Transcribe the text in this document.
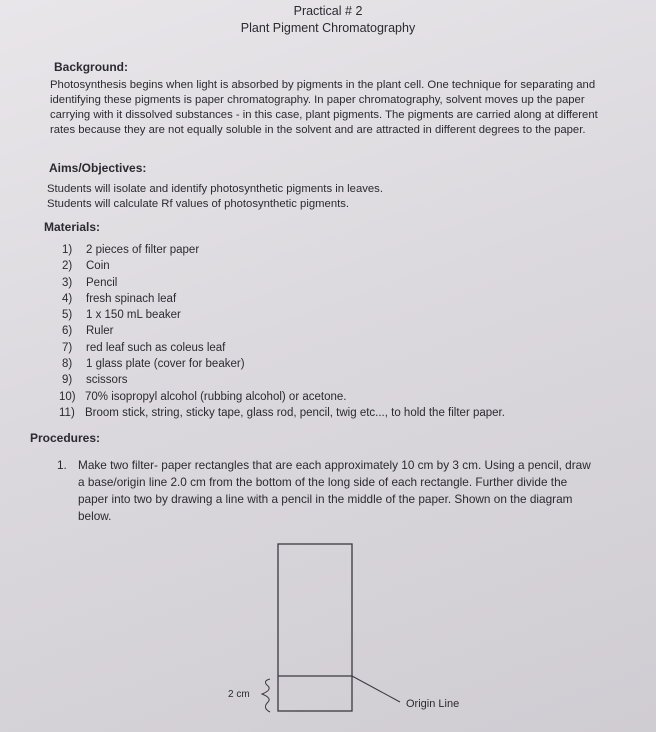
Practical # 2
Plant Pigment Chromatography
Background:
Photosynthesis begins when light is absorbed by pigments in the plant cell. One technique for separating and identifying these pigments is paper chromatography. In paper chromatography, solvent moves up the paper carrying with it dissolved substances - in this case, plant pigments. The pigments are carried along at different rates because they are not equally soluble in the solvent and are attracted in different degrees to the paper.
Aims/Objectives:
Students will isolate and identify photosynthetic pigments in leaves.
Students will calculate Rf values of photosynthetic pigments.
Materials:
1) 2 pieces of filter paper
2) Coin
3) Pencil
4) fresh spinach leaf
5) 1 x 150 mL beaker
6) Ruler
7) red leaf such as coleus leaf
8) 1 glass plate (cover for beaker)
9) scissors
10) 70% isopropyl alcohol (rubbing alcohol) or acetone.
11) Broom stick, string, sticky tape, glass rod, pencil, twig etc..., to hold the filter paper.
Procedures:
1. Make two filter- paper rectangles that are each approximately 10 cm by 3 cm. Using a pencil, draw
a base/origin line 2.0 cm from the bottom of the long side of each rectangle. Further divide the
paper into two by drawing a line with a pencil in the middle of the paper. Shown on the diagram
below.
2 cm
Origin Line
